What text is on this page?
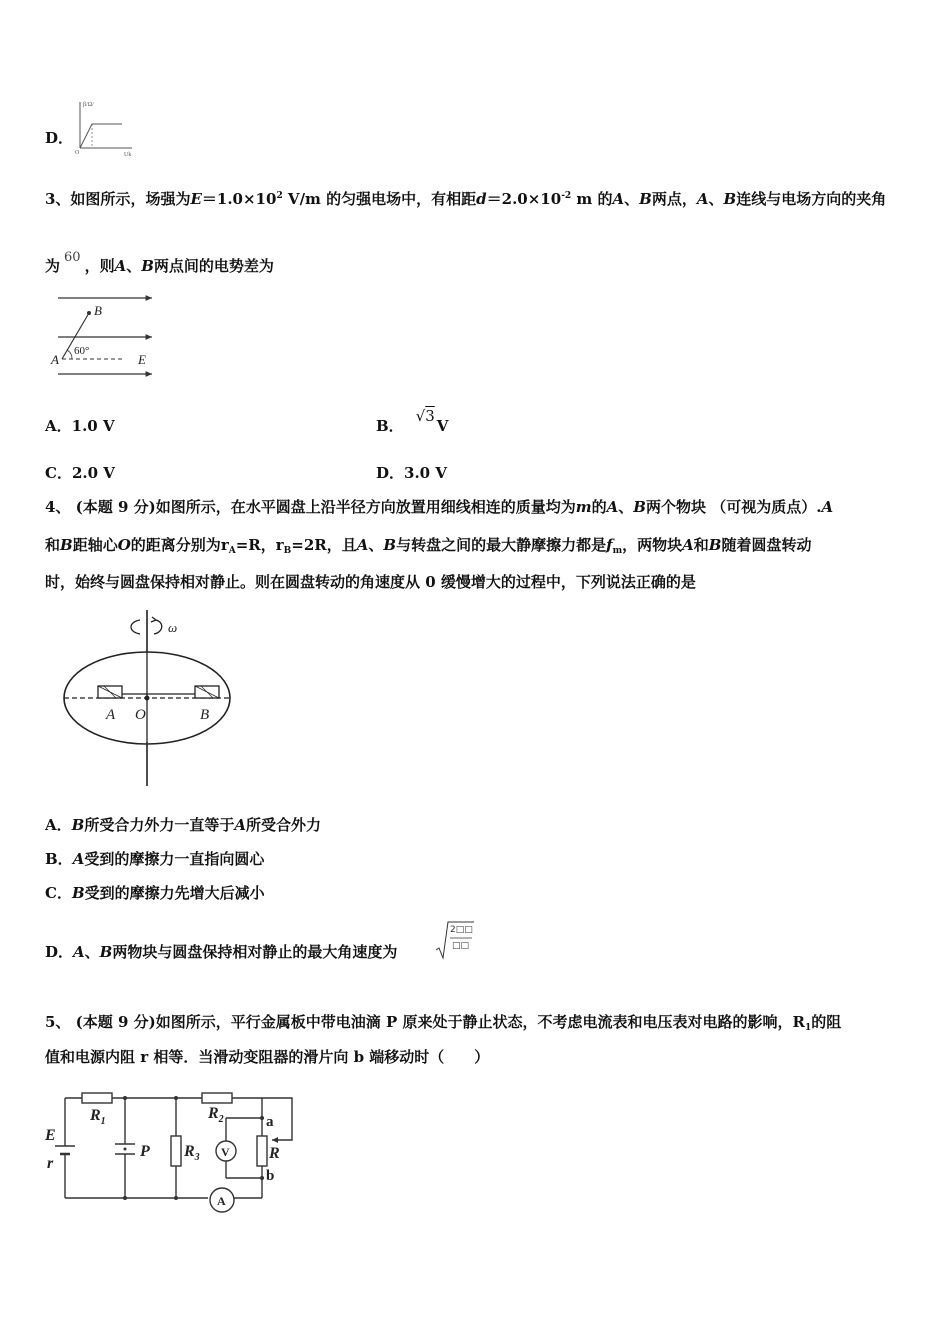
D．
β/Ω/
Uk
O
3、如图所示，场强为$E=1.0\times 10^2$ V/m 的匀强电场中，有相距$d=2.0\times 10^{-2}$ m 的A、B两点，A、B连线与电场方向的夹角
为 60 ，则A、B两点间的电势差为
B
A	E
60°
A．1.0 V	B．√3V
C．2.0 V	D．3.0 V
4、 (本题 9 分)如图所示，在水平圆盘上沿半径方向放置用细线相连的质量均为m的A、B两个物块 （可视为质点）.A
和B距轴心O的距离分别为$r_A=R$，$r_B=2R$，且A、B与转盘之间的最大静摩擦力都是$f_m$，两物块A和B随着圆盘转动
时，始终与圆盘保持相对静止。则在圆盘转动的角速度从 0 缓慢增大的过程中，下列说法正确的是
ω
A O	B
A．B所受合力外力一直等于A所受合外力
B．A受到的摩擦力一直指向圆心
C．B受到的摩擦力先增大后减小
D．A、B两物块与圆盘保持相对静止的最大角速度为
2□□
□□
5、 (本题 9 分)如图所示，平行金属板中带电油滴 P 原来处于静止状态，不考虑电流表和电压表对电路的影响，$R_1$的阻
值和电源内阻 r 相等．当滑动变阻器的滑片向 b 端移动时（　　）
E
r
$R_1$
P $R_3$
$R_2$
V R
a
b
A
